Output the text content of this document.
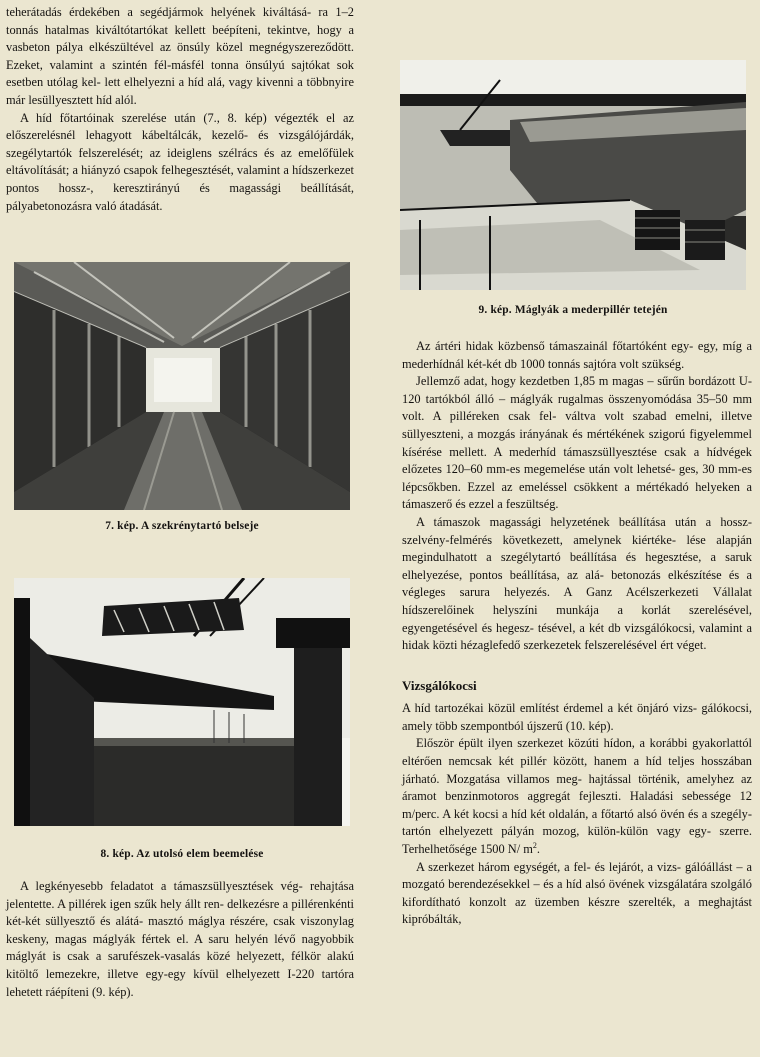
teherátadás érdekében a segédjármok helyének kiváltásá- ra 1–2 tonnás hatalmas kiváltótartókat kellett beépíteni, tekintve, hogy a vasbeton pálya elkészültével az önsúly közel megnégyszereződött. Ezeket, valamint a szintén fél-másfél tonna önsúlyú sajtókat sok esetben utólag kel- lett elhelyezni a híd alá, vagy kivenni a többnyire már lesüllyesztett híd alól.

A híd főtartóinak szerelése után (7., 8. kép) végezték el az előszerelésnél lehagyott kábeltálcák, kezelő- és vizsgálójárdák, szegélytartók felszerelését; az ideiglens szélrács és az emelőfülek eltávolítását; a hiányzó csapok felhegesztését, valamint a hídszerkezet pontos hossz-, keresztirányú és magassági beállítását, pályabetonozásra való átadását.

7. kép. A szekrénytartó belseje
8. kép. Az utolsó elem beemelése

A legkényesebb feladatot a támaszsüllyesztések vég- rehajtása jelentette. A pillérek igen szűk hely állt ren- delkezésre a pillérenkénti két-két süllyesztő és alátá- masztó máglya részére, csak viszonylag keskeny, magas máglyák fértek el. A saru helyén lévő nagyobbik máglyát is csak a sarufészek-vasalás közé helyezett, félkör alakú kitöltő lemezekre, illetve egy-egy kívül elhelyezett I-220 tartóra lehetett ráépíteni (9. kép).

9. kép. Máglyák a mederpillér tetején

Az ártéri hidak közbenső támaszainál főtartóként egy- egy, míg a mederhídnál két-két db 1000 tonnás sajtóra volt szükség.

Jellemző adat, hogy kezdetben 1,85 m magas – sűrűn bordázott U-120 tartókból álló – máglyák rugalmas összenyomódása 35–50 mm volt. A pilléreken csak fel- váltva volt szabad emelni, illetve süllyeszteni, a mozgás irányának és mértékének szigorú figyelemmel kísérése mellett. A mederhíd támaszsüllyesztése csak a hídvégek előzetes 120–60 mm-es megemelése után volt lehetsé- ges, 30 mm-es lépcsőkben. Ezzel az emeléssel csökkent a mértékadó helyeken a támaszerő és ezzel a feszültség.

A támaszok magassági helyzetének beállítása után a hossz-szelvény-felmérés következett, amelynek kiértéke- lése alapján megindulhatott a szegélytartó beállítása és hegesztése, a saruk elhelyezése, pontos beállítása, az alá- betonozás elkészítése és a végleges sarura helyezés. A Ganz Acélszerkezeti Vállalat hídszerelőinek helyszíni munkája a korlát szerelésével, egyengetésével és hegesz- tésével, a két db vizsgálókocsi, valamint a hidak közti hézaglefedő szerkezetek felszerelésével ért véget.

Vizsgálókocsi

A híd tartozékai közül említést érdemel a két önjáró vizs- gálókocsi, amely több szempontból újszerű (10. kép).

Először épült ilyen szerkezet közúti hídon, a korábbi gyakorlattól eltérően nemcsak két pillér között, hanem a híd teljes hosszában járható. Mozgatása villamos meg- hajtással történik, amelyhez az áramot benzinmotoros aggregát fejleszti. Haladási sebessége 12 m/perc. A két kocsi a híd két oldalán, a főtartó alsó övén és a szegély- tartón elhelyezett pályán mozog, külön-külön vagy egy- szerre. Terhelhetősége 1500 N/ $m^2$.

A szerkezet három egységét, a fel- és lejárót, a vizs- gálóállást – a mozgató berendezésekkel – és a híd alsó övének vizsgálatára szolgáló kifordítható konzolt az üzemben készre szerelték, a meghajtást kipróbálták,
